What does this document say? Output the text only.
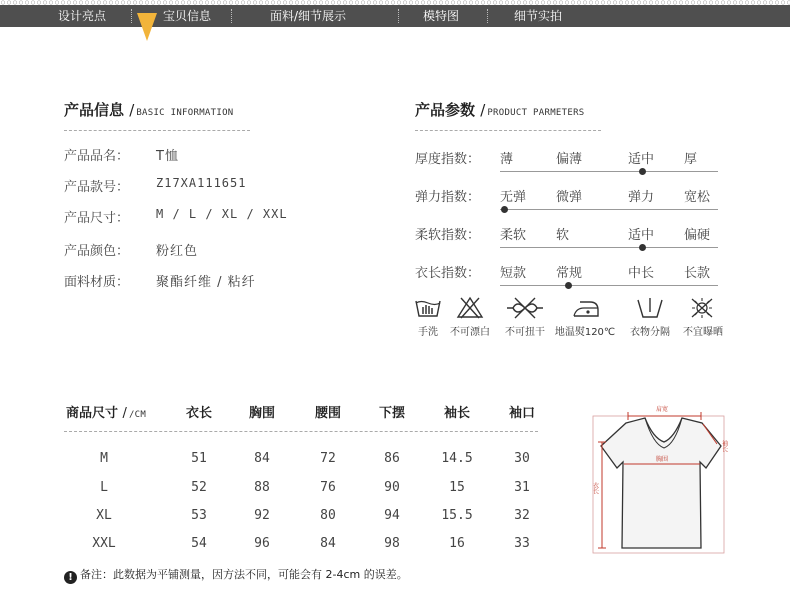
设计亮点	宝贝信息	面料/细节展示	模特图	细节实拍
产品信息 / BASIC INFORMATION
产品品名： T恤
产品款号： Z17XA111651
产品尺寸： M / L / XL / XXL
产品颜色： 粉红色
面料材质： 聚酯纤维 / 粘纤
产品参数 / PRODUCT PARMETERS
厚度指数： 薄	偏薄	适中 厚
弹力指数： 无弹 微弹	弹力 宽松
柔软指数： 柔软 软	适中 偏硬
衣长指数： 短款 常规	中长 长款
手洗 不可漂白 不可扭干 地温熨120℃ 衣物分隔 不宜曝晒
商品尺寸 / /CM	衣长	胸围	腰围	下摆	袖长	袖口
M	51	84	72	86	14.5	30
L	52	88	76	90	15	31
XL	53	92	80	94	15.5	32
XXL	54	96	84	98	16	33
肩宽
胸围
袖长
衣长
! 备注：此数据为平铺测量，因方法不同，可能会有 2-4cm 的误差。
